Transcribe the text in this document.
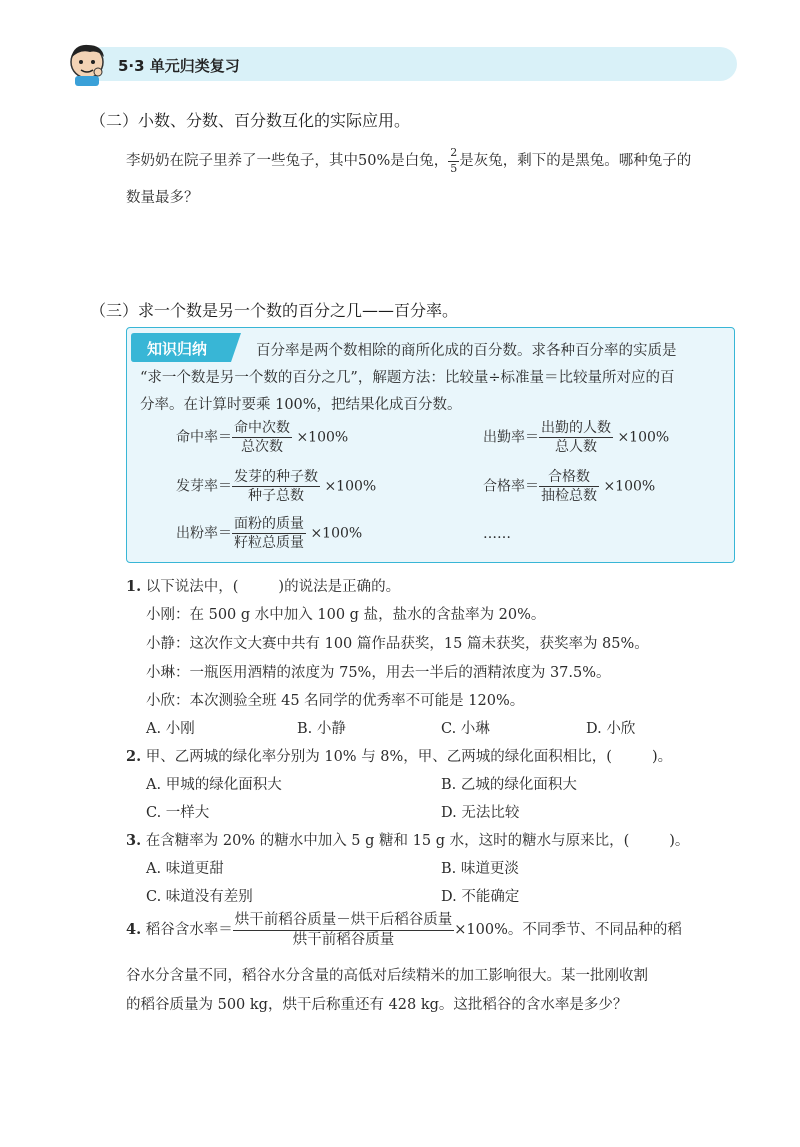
5·3 单元归类复习
（二）小数、分数、百分数互化的实际应用。
李奶奶在院子里养了一些兔子，其中50%是白兔， $\frac{2}{5}$ 是灰兔，剩下的是黑兔。哪种兔子的
数量最多？
（三）求一个数是另一个数的百分之几——百分率。
知识归纳	百分率是两个数相除的商所化成的百分数。求各种百分率的实质是
“求一个数是另一个数的百分之几”，解题方法：比较量÷标准量＝比较量所对应的百
分率。在计算时要乘 100%，把结果化成百分数。
命中率＝ $\frac{\text{命中次数}}{\text{总次数}} \times 100\%$	出勤率＝ $\frac{\text{出勤的人数}}{\text{总人数}} \times 100\%$
发芽率＝ $\frac{\text{发芽的种子数}}{\text{种子总数}} \times 100\%$	合格率＝ $\frac{\text{合格数}}{\text{抽检总数}} \times 100\%$
出粉率＝ $\frac{\text{面粉的质量}}{\text{籽粒总质量}} \times 100\%$	……
1. 以下说法中，(	)的说法是正确的。
小刚：在 500 g 水中加入 100 g 盐，盐水的含盐率为 20%。
小静：这次作文大赛中共有 100 篇作品获奖，15 篇未获奖，获奖率为 85%。
小琳：一瓶医用酒精的浓度为 75%，用去一半后的酒精浓度为 37.5%。
小欣：本次测验全班 45 名同学的优秀率不可能是 120%。
A. 小刚	B. 小静	C. 小琳	D. 小欣
2. 甲、乙两城的绿化率分别为 10% 与 8%，甲、乙两城的绿化面积相比，(	)。
A. 甲城的绿化面积大	B. 乙城的绿化面积大
C. 一样大	D. 无法比较
3. 在含糖率为 20% 的糖水中加入 5 g 糖和 15 g 水，这时的糖水与原来比，(	)。
A. 味道更甜	B. 味道更淡
C. 味道没有差别	D. 不能确定
4. 稻谷含水率＝ $\frac{\text{烘干前稻谷质量－烘干后稻谷质量}}{\text{烘干前稻谷质量}} \times 100\%$。不同季节、不同品种的稻
谷水分含量不同，稻谷水分含量的高低对后续精米的加工影响很大。某一批刚收割
的稻谷质量为 500 kg，烘干后称重还有 428 kg。这批稻谷的含水率是多少？
